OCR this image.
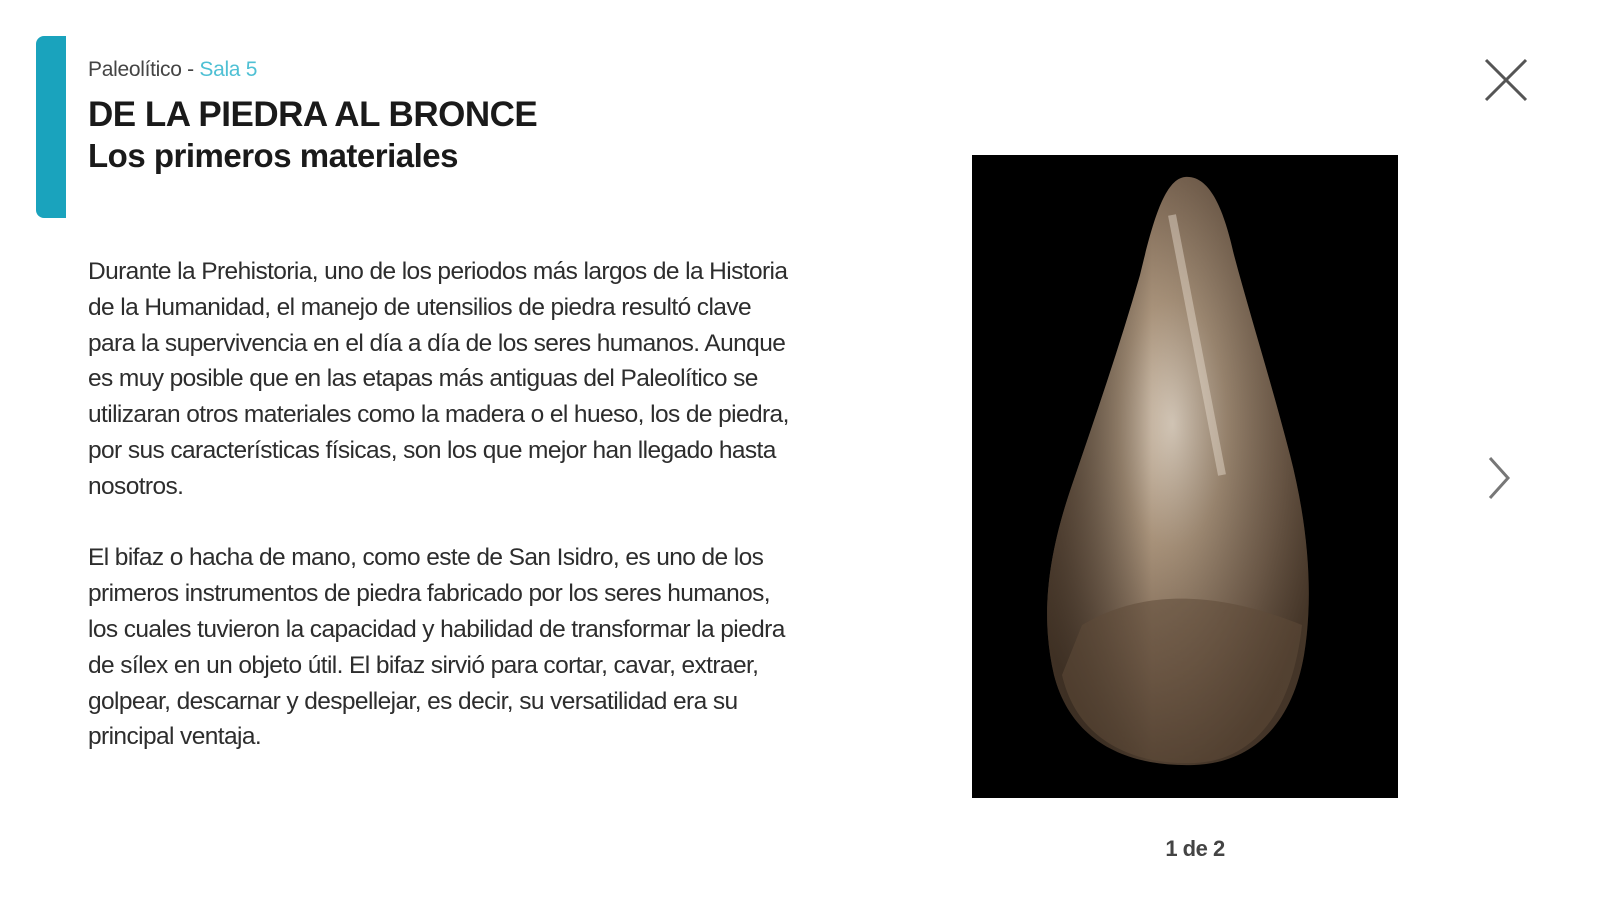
Paleolítico - Sala 5
DE LA PIEDRA AL BRONCE
Los primeros materiales

Durante la Prehistoria, uno de los periodos más largos de la Historia de la Humanidad, el manejo de utensilios de piedra resultó clave para la supervivencia en el día a día de los seres humanos. Aunque es muy posible que en las etapas más antiguas del Paleolítico se utilizaran otros materiales como la madera o el hueso, los de piedra, por sus características físicas, son los que mejor han llegado hasta nosotros.

El bifaz o hacha de mano, como este de San Isidro, es uno de los primeros instrumentos de piedra fabricado por los seres humanos, los cuales tuvieron la capacidad y habilidad de transformar la piedra de sílex en un objeto útil. El bifaz sirvió para cortar, cavar, extraer, golpear, descarnar y despellejar, es decir, su versatilidad era su principal ventaja.

1 de 2
